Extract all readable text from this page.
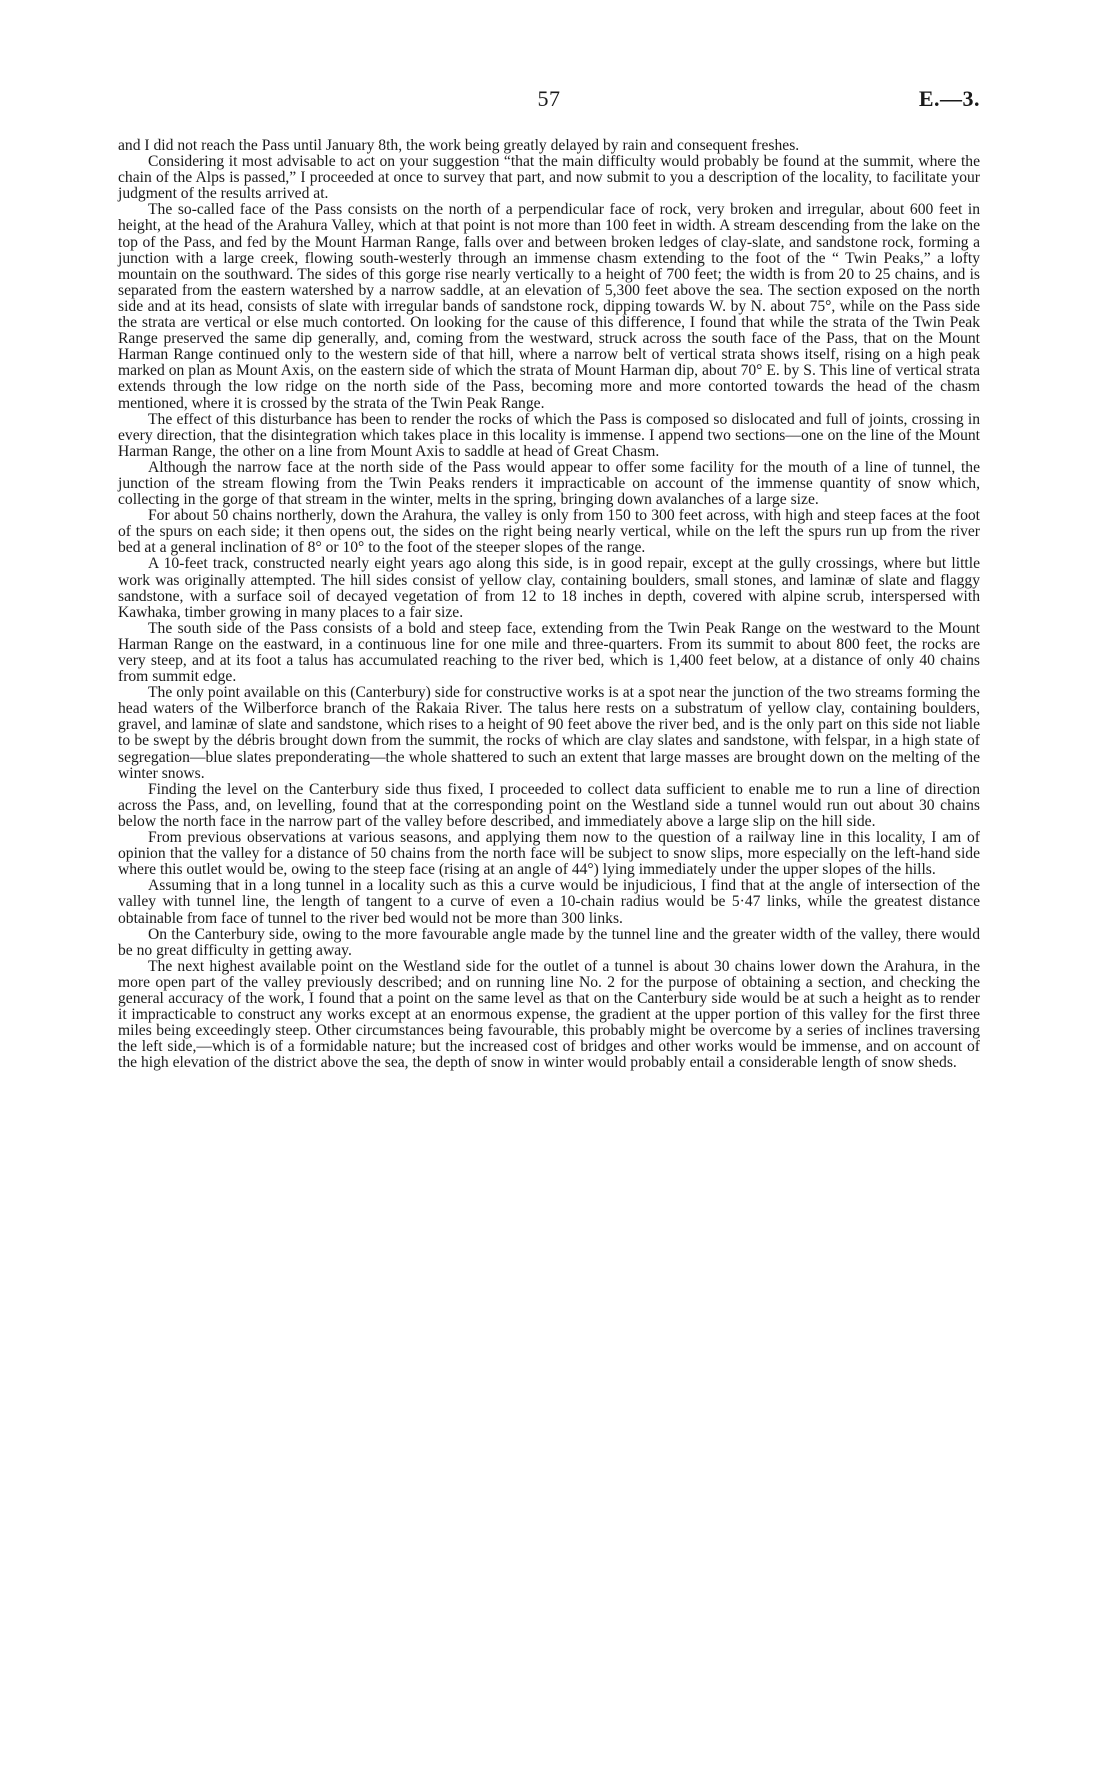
57	E.—3.

and I did not reach the Pass until January 8th, the work being greatly delayed by rain and consequent freshes.

Considering it most advisable to act on your suggestion “that the main difficulty would probably be found at the summit, where the chain of the Alps is passed,” I proceeded at once to survey that part, and now submit to you a description of the locality, to facilitate your judgment of the results arrived at.

The so-called face of the Pass consists on the north of a perpendicular face of rock, very broken and irregular, about 600 feet in height, at the head of the Arahura Valley, which at that point is not more than 100 feet in width. A stream descending from the lake on the top of the Pass, and fed by the Mount Harman Range, falls over and between broken ledges of clay-slate, and sandstone rock, forming a junction with a large creek, flowing south-westerly through an immense chasm extending to the foot of the “ Twin Peaks,” a lofty mountain on the southward. The sides of this gorge rise nearly vertically to a height of 700 feet; the width is from 20 to 25 chains, and is separated from the eastern watershed by a narrow saddle, at an elevation of 5,300 feet above the sea. The section exposed on the north side and at its head, consists of slate with irregular bands of sandstone rock, dipping towards W. by N. about 75°, while on the Pass side the strata are vertical or else much contorted. On looking for the cause of this difference, I found that while the strata of the Twin Peak Range preserved the same dip generally, and, coming from the westward, struck across the south face of the Pass, that on the Mount Harman Range continued only to the western side of that hill, where a narrow belt of vertical strata shows itself, rising on a high peak marked on plan as Mount Axis, on the eastern side of which the strata of Mount Harman dip, about 70° E. by S. This line of vertical strata extends through the low ridge on the north side of the Pass, becoming more and more contorted towards the head of the chasm mentioned, where it is crossed by the strata of the Twin Peak Range.

The effect of this disturbance has been to render the rocks of which the Pass is composed so dislocated and full of joints, crossing in every direction, that the disintegration which takes place in this locality is immense. I append two sections—one on the line of the Mount Harman Range, the other on a line from Mount Axis to saddle at head of Great Chasm.

Although the narrow face at the north side of the Pass would appear to offer some facility for the mouth of a line of tunnel, the junction of the stream flowing from the Twin Peaks renders it impracticable on account of the immense quantity of snow which, collecting in the gorge of that stream in the winter, melts in the spring, bringing down avalanches of a large size.

For about 50 chains northerly, down the Arahura, the valley is only from 150 to 300 feet across, with high and steep faces at the foot of the spurs on each side; it then opens out, the sides on the right being nearly vertical, while on the left the spurs run up from the river bed at a general inclination of 8° or 10° to the foot of the steeper slopes of the range.

A 10-feet track, constructed nearly eight years ago along this side, is in good repair, except at the gully crossings, where but little work was originally attempted. The hill sides consist of yellow clay, containing boulders, small stones, and laminæ of slate and flaggy sandstone, with a surface soil of decayed vegetation of from 12 to 18 inches in depth, covered with alpine scrub, interspersed with Kawhaka, timber growing in many places to a fair size.

The south side of the Pass consists of a bold and steep face, extending from the Twin Peak Range on the westward to the Mount Harman Range on the eastward, in a continuous line for one mile and three-quarters. From its summit to about 800 feet, the rocks are very steep, and at its foot a talus has accumulated reaching to the river bed, which is 1,400 feet below, at a distance of only 40 chains from summit edge.

The only point available on this (Canterbury) side for constructive works is at a spot near the junction of the two streams forming the head waters of the Wilberforce branch of the Rakaia River. The talus here rests on a substratum of yellow clay, containing boulders, gravel, and laminæ of slate and sandstone, which rises to a height of 90 feet above the river bed, and is the only part on this side not liable to be swept by the débris brought down from the summit, the rocks of which are clay slates and sandstone, with felspar, in a high state of segregation—blue slates preponderating—the whole shattered to such an extent that large masses are brought down on the melting of the winter snows.

Finding the level on the Canterbury side thus fixed, I proceeded to collect data sufficient to enable me to run a line of direction across the Pass, and, on levelling, found that at the corresponding point on the Westland side a tunnel would run out about 30 chains below the north face in the narrow part of the valley before described, and immediately above a large slip on the hill side.

From previous observations at various seasons, and applying them now to the question of a railway line in this locality, I am of opinion that the valley for a distance of 50 chains from the north face will be subject to snow slips, more especially on the left-hand side where this outlet would be, owing to the steep face (rising at an angle of 44°) lying immediately under the upper slopes of the hills.

Assuming that in a long tunnel in a locality such as this a curve would be injudicious, I find that at the angle of intersection of the valley with tunnel line, the length of tangent to a curve of even a 10-chain radius would be 5·47 links, while the greatest distance obtainable from face of tunnel to the river bed would not be more than 300 links.

On the Canterbury side, owing to the more favourable angle made by the tunnel line and the greater width of the valley, there would be no great difficulty in getting away.

The next highest available point on the Westland side for the outlet of a tunnel is about 30 chains lower down the Arahura, in the more open part of the valley previously described; and on running line No. 2 for the purpose of obtaining a section, and checking the general accuracy of the work, I found that a point on the same level as that on the Canterbury side would be at such a height as to render it impracticable to construct any works except at an enormous expense, the gradient at the upper portion of this valley for the first three miles being exceedingly steep. Other circumstances being favourable, this probably might be overcome by a series of inclines traversing the left side,—which is of a formidable nature; but the increased cost of bridges and other works would be immense, and on account of the high elevation of the district above the sea, the depth of snow in winter would probably entail a considerable length of snow sheds.
